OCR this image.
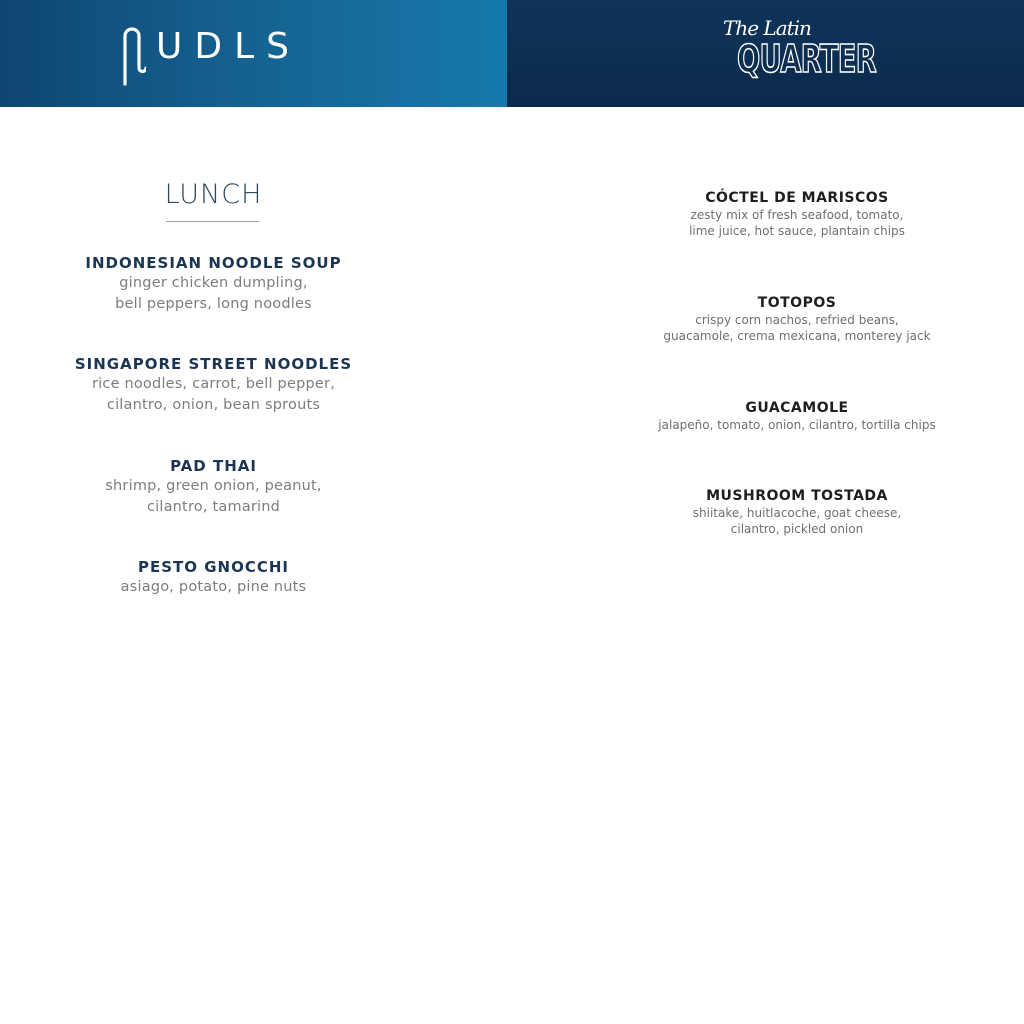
UDLS	The Latin
QUARTER
LUNCH
INDONESIAN NOODLE SOUP
ginger chicken dumpling,
bell peppers, long noodles
SINGAPORE STREET NOODLES
rice noodles, carrot, bell pepper,
cilantro, onion, bean sprouts
PAD THAI
shrimp, green onion, peanut,
cilantro, tamarind
PESTO GNOCCHI
asiago, potato, pine nuts
CÓCTEL DE MARISCOS
zesty mix of fresh seafood, tomato,
lime juice, hot sauce, plantain chips
TOTOPOS
crispy corn nachos, refried beans,
guacamole, crema mexicana, monterey jack
GUACAMOLE
jalapeño, tomato, onion, cilantro, tortilla chips
MUSHROOM TOSTADA
shiitake, huitlacoche, goat cheese,
cilantro, pickled onion
